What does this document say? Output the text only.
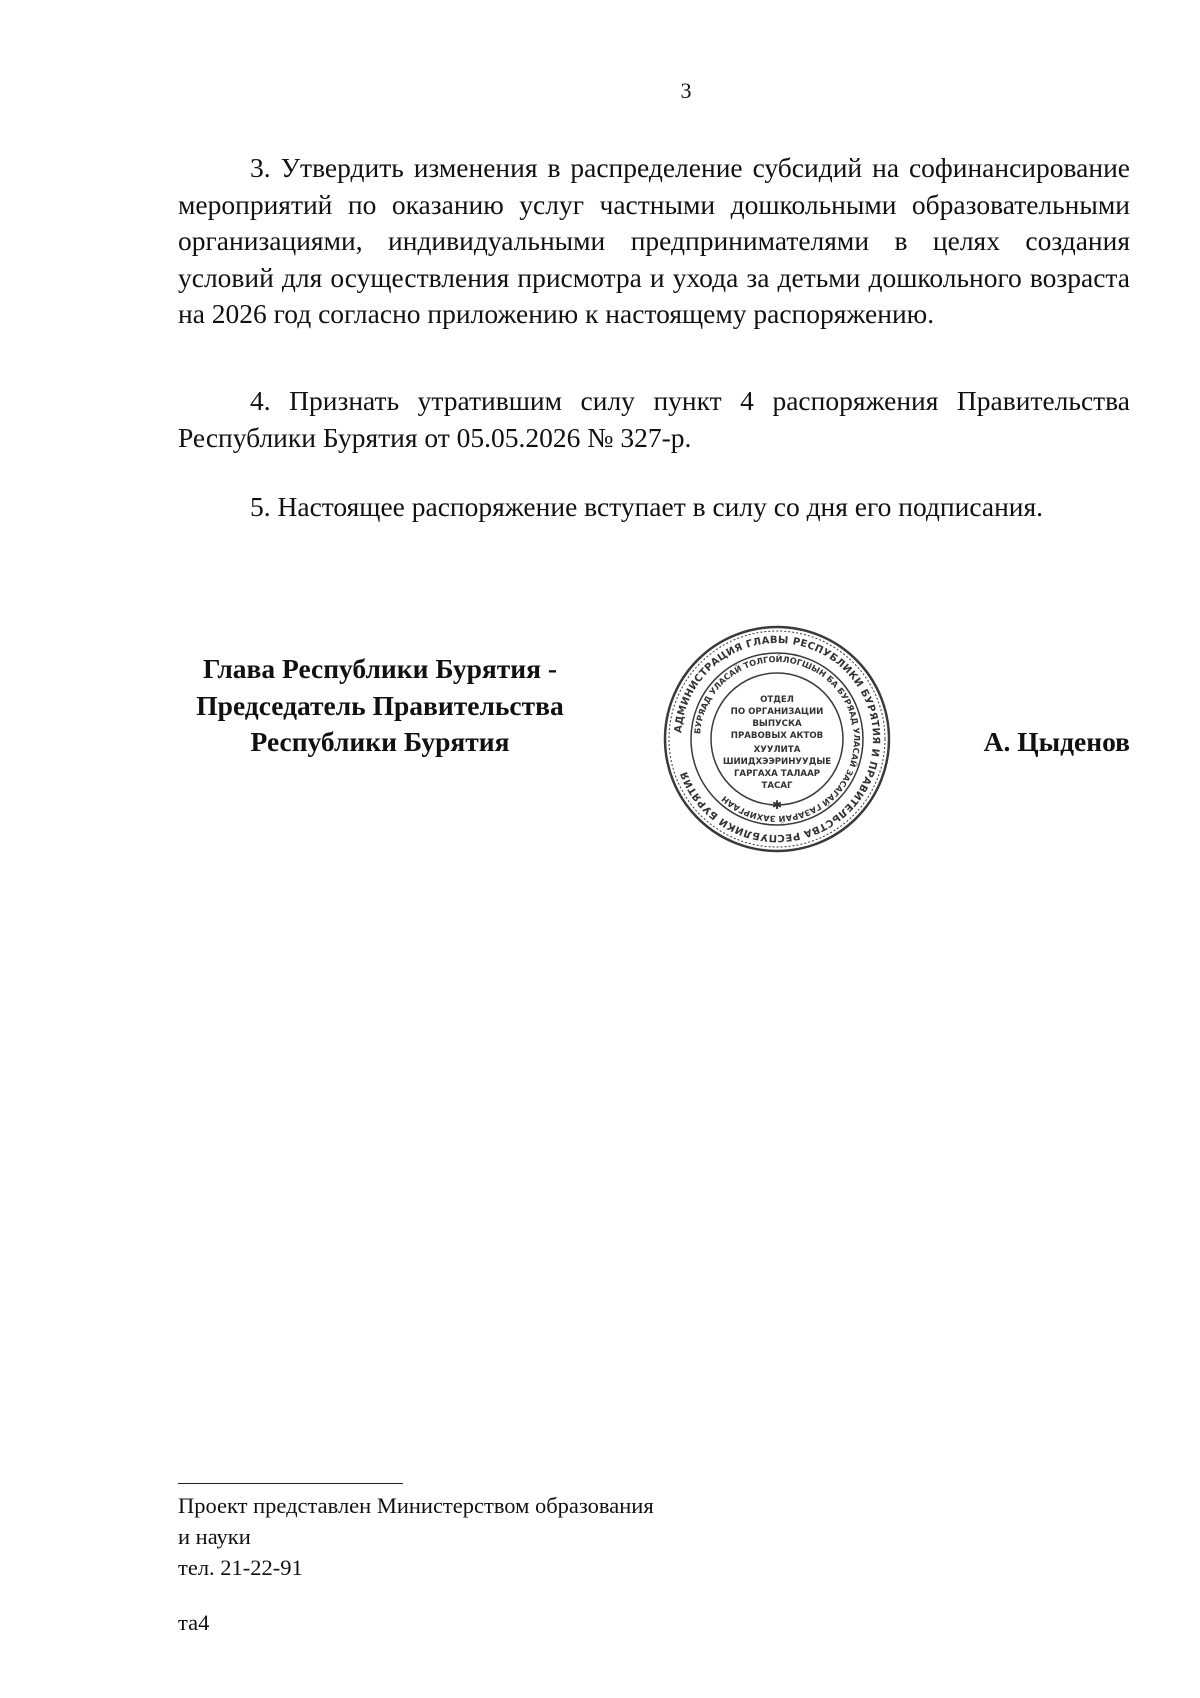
3

3. Утвердить изменения в распределение субсидий на софинансирование мероприятий по оказанию услуг частными дошкольными образовательными организациями, индивидуальными предпринимателями в целях создания условий для осуществления присмотра и ухода за детьми дошкольного возраста на 2026 год согласно приложению к настоящему распоряжению.

4. Признать утратившим силу пункт 4 распоряжения Правительства Республики Бурятия от 05.05.2026 № 327-р.

5. Настоящее распоряжение вступает в силу со дня его подписания.

Глава Республики Бурятия -
Председатель Правительства
Республики Бурятия	АДМИНИСТРАЦИЯ ГЛАВЫ РЕСПУБЛИКИ БУРЯТИЯ И ПРАВИТЕЛЬСТВА РЕСПУБЛИКИ БУРЯТИЯ
БУРЯАД УЛАСАЙ ТОЛГОЙЛОГШЫН БА БУРЯАД УЛАСАЙ ЗАСАГАЙ ГАЗАРАЙ ЗАХИРГААН
ОТДЕЛ
ПО ОРГАНИЗАЦИИ
ВЫПУСКА
ПРАВОВЫХ АКТОВ
ХУУЛИТА
ШИИДХЭЭРИНУУДЫЕ
ГАРГАХА ТАЛААР
ТАСАГ
✱
А. Цыденов
Проект представлен Министерством образования
и науки
тел. 21-22-91
та4
